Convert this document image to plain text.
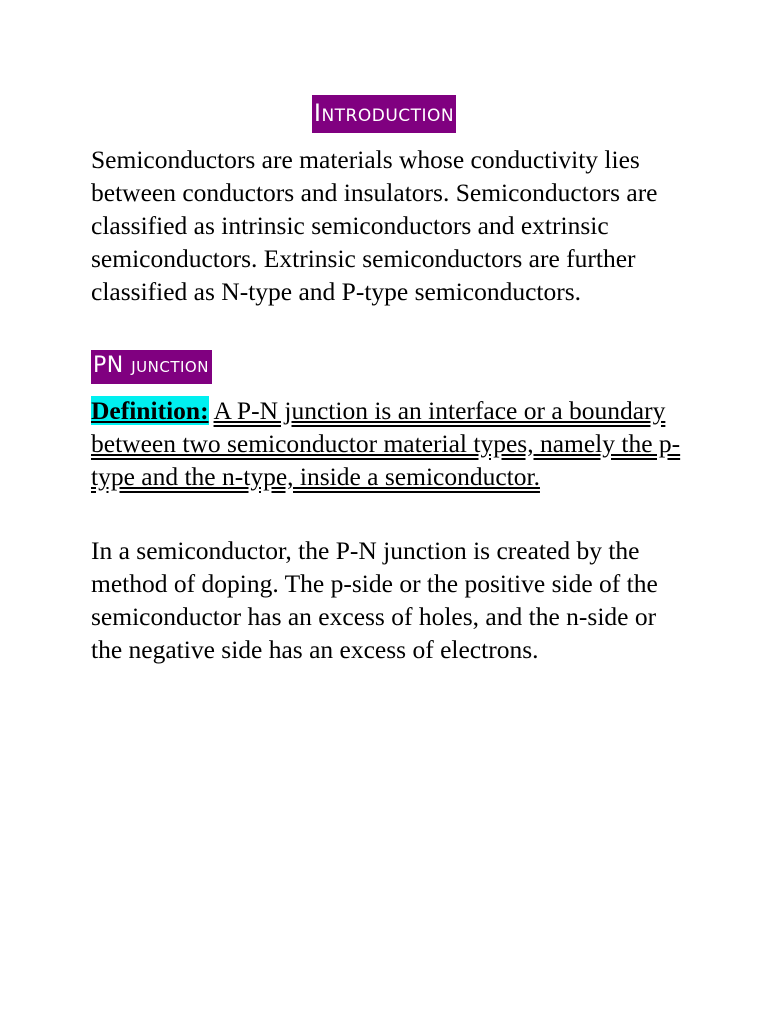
Introduction

Semiconductors are materials whose conductivity lies between conductors and insulators. Semiconductors are classified as intrinsic semiconductors and extrinsic semiconductors. Extrinsic semiconductors are further classified as N-type and P-type semiconductors.

PN junction

Definition: A P-N junction is an interface or a boundary between two semiconductor material types, namely the p-type and the n-type, inside a semiconductor.

In a semiconductor, the P-N junction is created by the method of doping. The p-side or the positive side of the semiconductor has an excess of holes, and the n-side or the negative side has an excess of electrons.
